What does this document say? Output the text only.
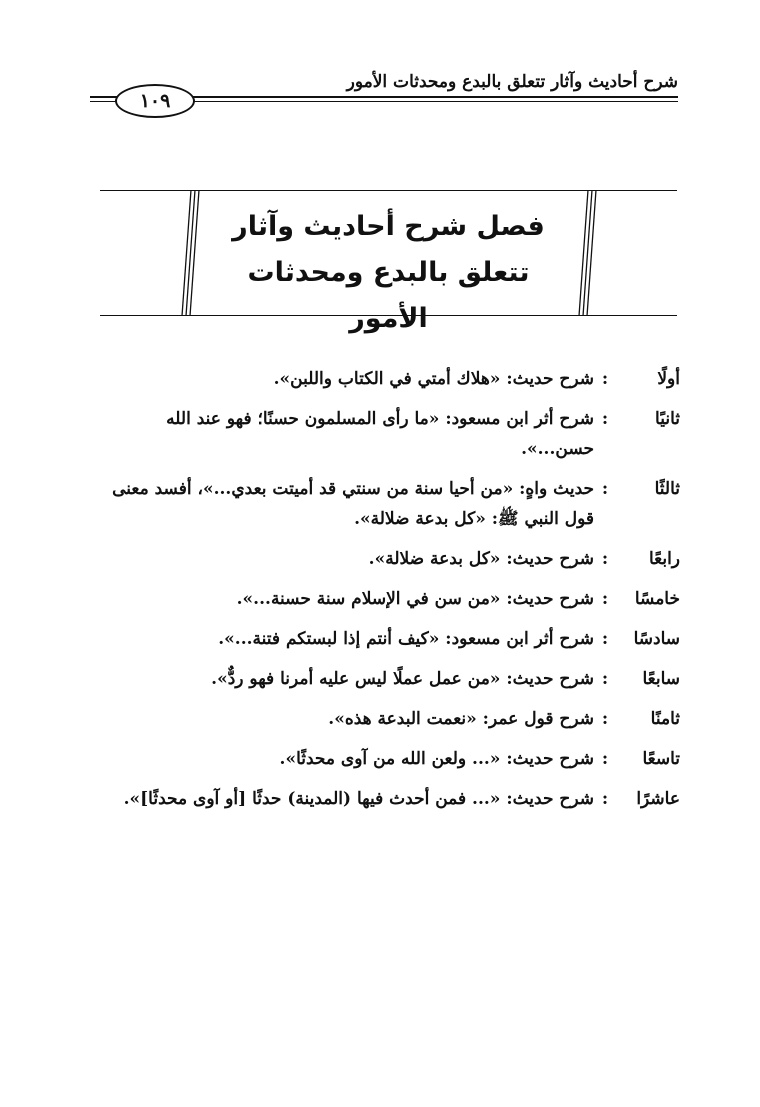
شرح أحاديث وآثار تتعلق بالبدع ومحدثات الأمور
١٠٩
فصل شرح أحاديث وآثار
تتعلق بالبدع ومحدثات الأمور
أولًا
:
شرح حديث: «هلاك أمتي في الكتاب واللبن».
ثانيًا
:
شرح أثر ابن مسعود: «ما رأى المسلمون حسنًا؛ فهو عند الله حسن...».
ثالثًا
:
حديث واهٍ: «من أحيا سنة من سنتي قد أميتت بعدي...»، أفسد معنى قول النبي ﷺ: «كل بدعة ضلالة».
رابعًا
:
شرح حديث: «كل بدعة ضلالة».
خامسًا
:
شرح حديث: «من سن في الإسلام سنة حسنة...».
سادسًا
:
شرح أثر ابن مسعود: «كيف أنتم إذا لبستكم فتنة...».
سابعًا
:
شرح حديث: «من عمل عملًا ليس عليه أمرنا فهو ردٌّ».
ثامنًا
:
شرح قول عمر: «نعمت البدعة هذه».
تاسعًا
:
شرح حديث: «... ولعن الله من آوى محدثًا».
عاشرًا
:
شرح حديث: «... فمن أحدث فيها (المدينة) حدثًا [أو آوى محدثًا]».
